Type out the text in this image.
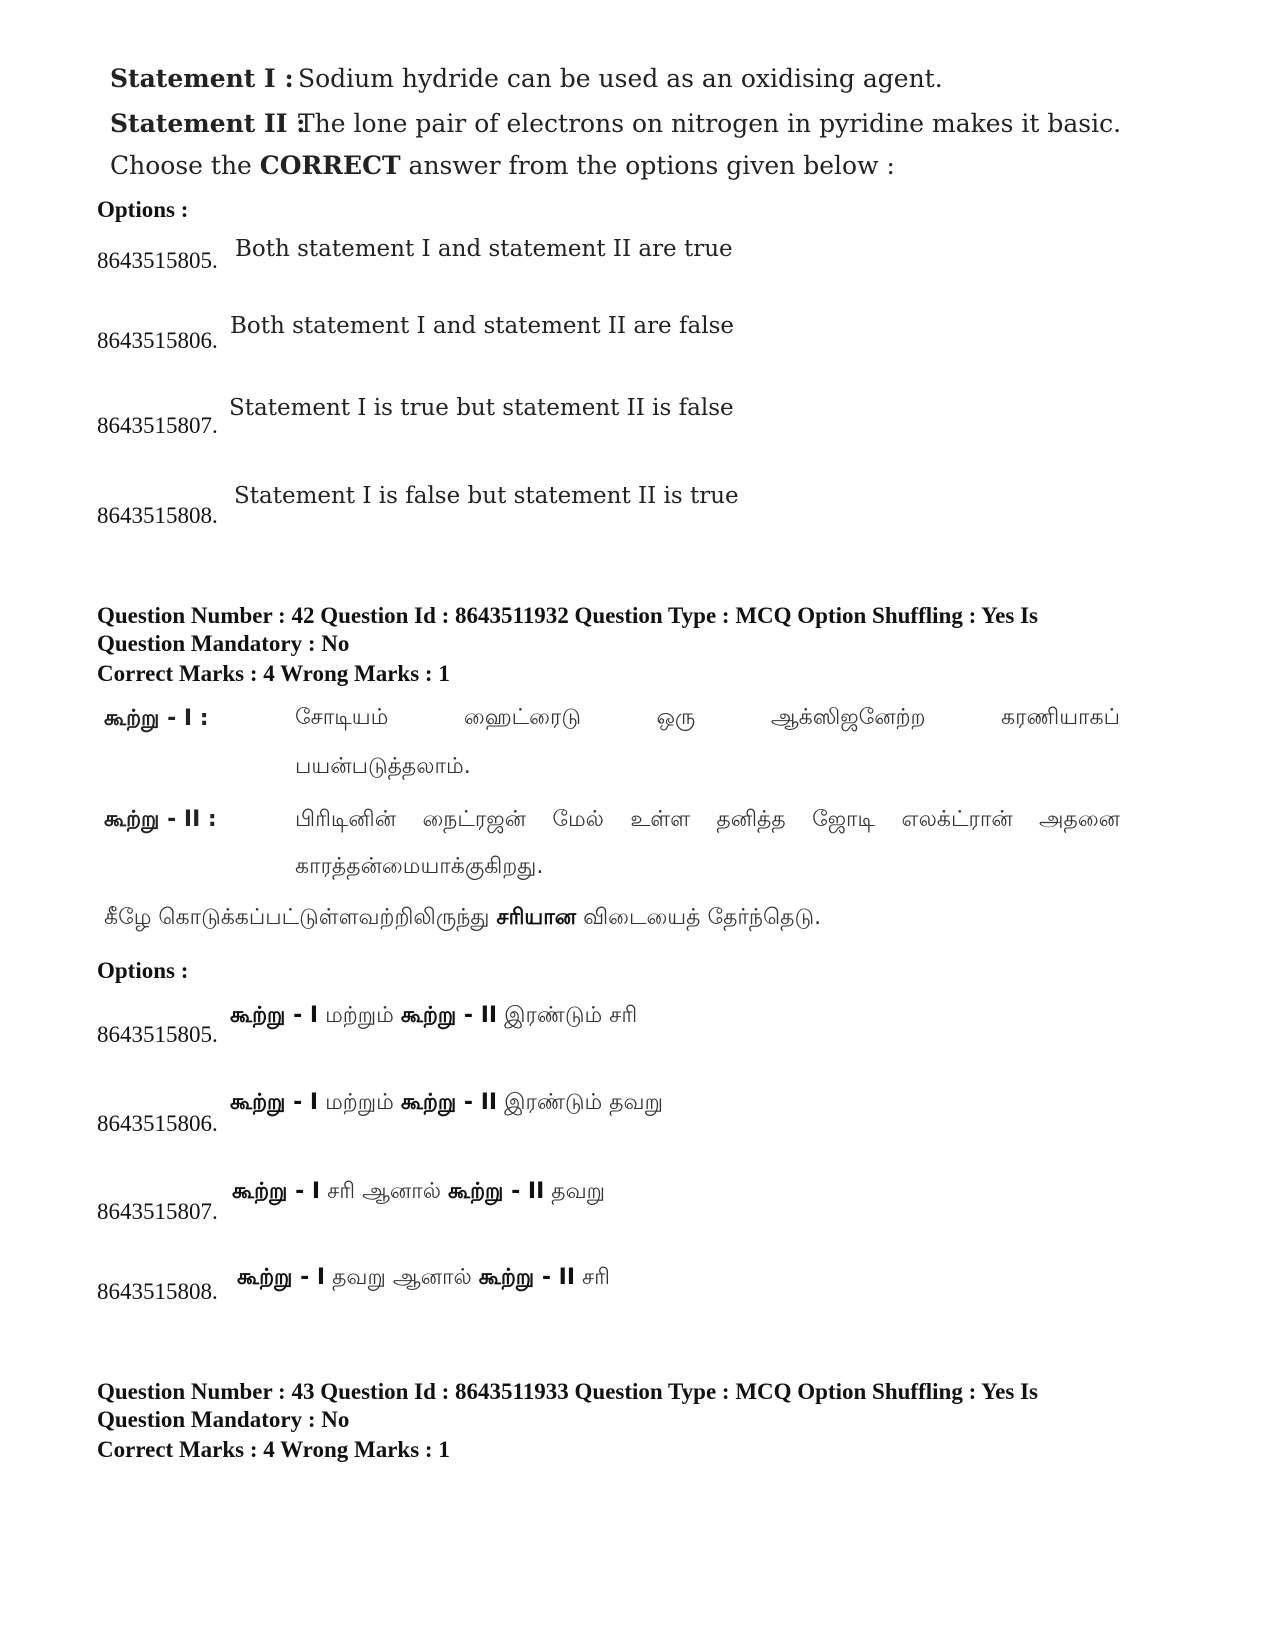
Statement I : Sodium hydride can be used as an oxidising agent.
Statement II :
The lone pair of electrons on nitrogen in pyridine makes it basic.
Choose the CORRECT answer from the options given below :
Options :
8643515805. Both statement I and statement II are true
8643515806.
Both statement I and statement II are false
8643515807.
Statement I is true but statement II is false
8643515808.
Statement I is false but statement II is true
Question Number : 42 Question Id : 8643511932 Question Type : MCQ Option Shuffling : Yes Is
Question Mandatory : No
Correct Marks : 4 Wrong Marks : 1
கூற்று - I :	சோடியம் ஹைட்ரைடு ஒரு ஆக்ஸிஜனேற்ற கரணியாகப்
பயன்படுத்தலாம்.
கூற்று - II :	பிரிடினின் நைட்ரஜன் மேல் உள்ள தனித்த ஜோடி எலக்ட்ரான் அதனை
காரத்தன்மையாக்குகிறது.
கீழே கொடுக்கப்பட்டுள்ளவற்றிலிருந்து சரியான விடையைத் தேர்ந்தெடு.
Options :
8643515805.
கூற்று - I மற்றும் கூற்று - II இரண்டும் சரி
8643515806.
கூற்று - I மற்றும் கூற்று - II இரண்டும் தவறு
8643515807.
கூற்று - I சரி ஆனால் கூற்று - II தவறு
8643515808.
கூற்று - I தவறு ஆனால் கூற்று - II சரி
Question Number : 43 Question Id : 8643511933 Question Type : MCQ Option Shuffling : Yes Is
Question Mandatory : No
Correct Marks : 4 Wrong Marks : 1
